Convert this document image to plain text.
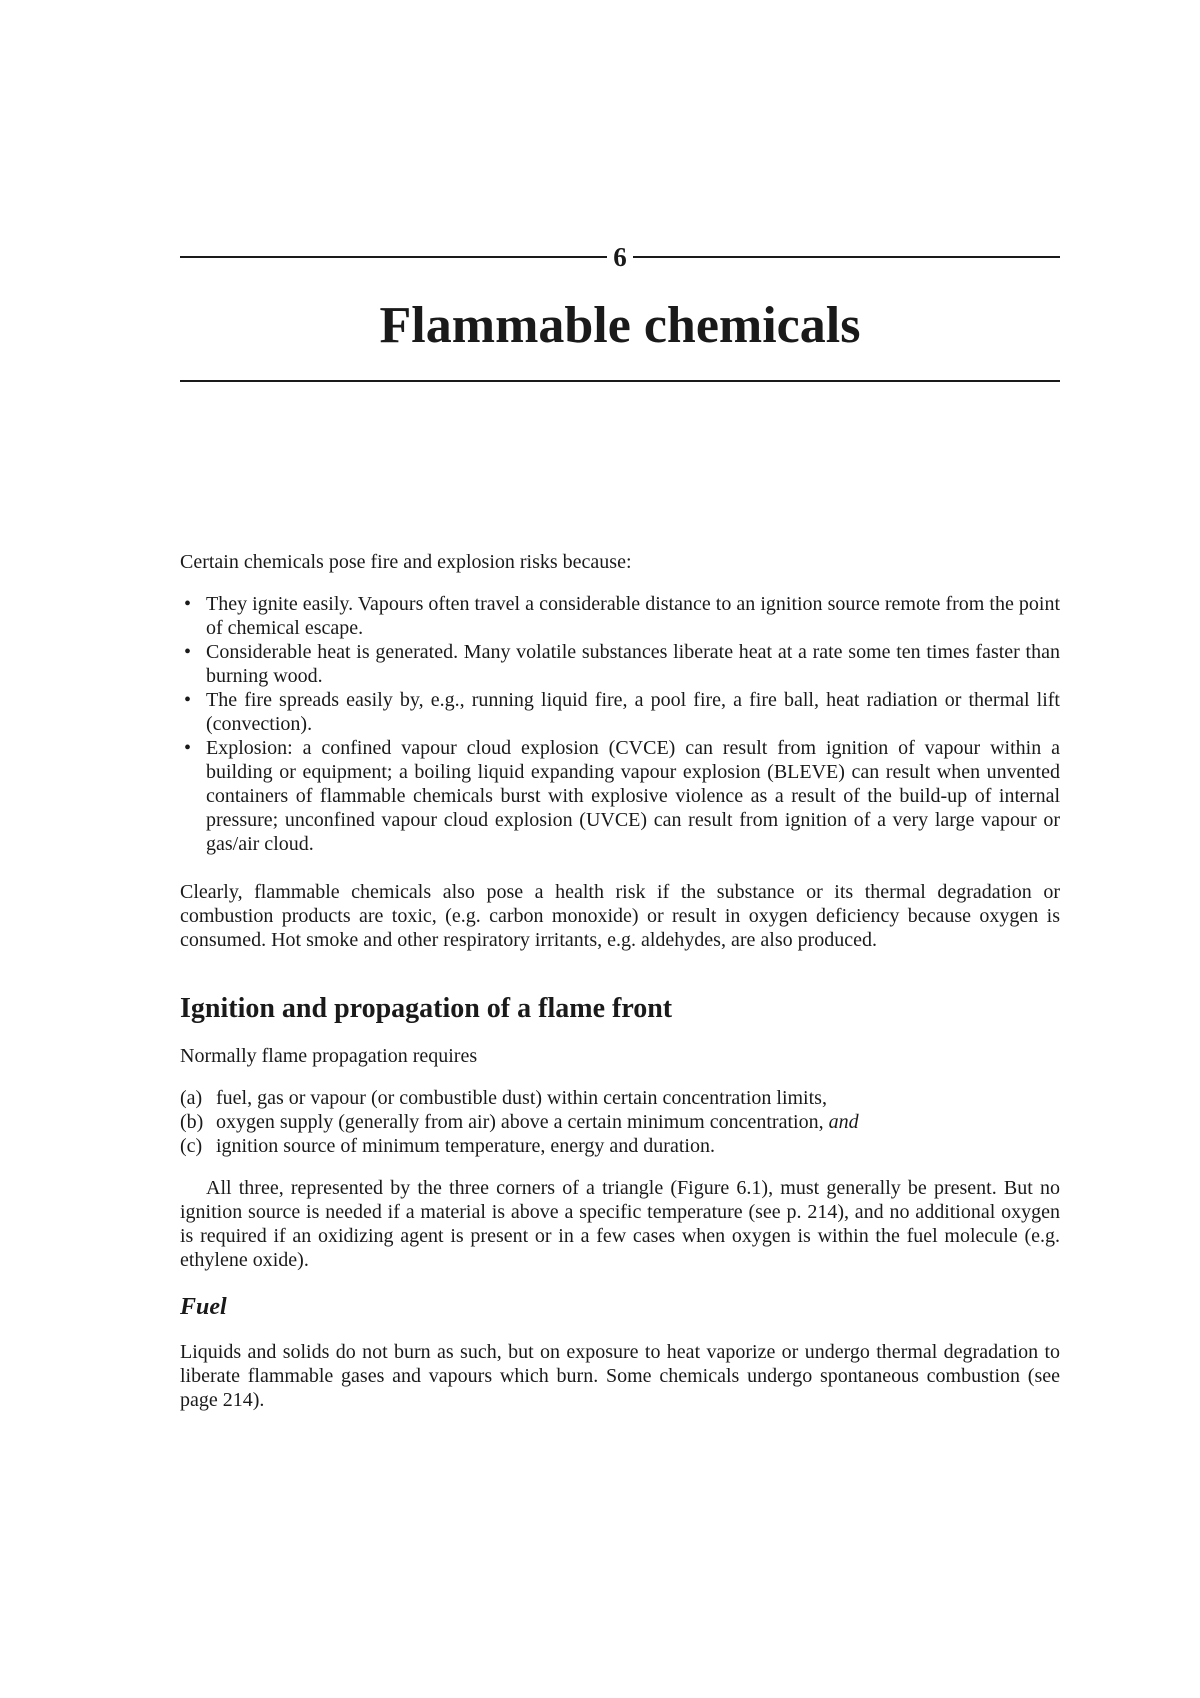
6
Flammable chemicals

Certain chemicals pose fire and explosion risks because:

• They ignite easily. Vapours often travel a considerable distance to an ignition source remote from the point of chemical escape.
• Considerable heat is generated. Many volatile substances liberate heat at a rate some ten times faster than burning wood.
• The fire spreads easily by, e.g., running liquid fire, a pool fire, a fire ball, heat radiation or thermal lift (convection).
• Explosion: a confined vapour cloud explosion (CVCE) can result from ignition of vapour within a building or equipment; a boiling liquid expanding vapour explosion (BLEVE) can result when unvented containers of flammable chemicals burst with explosive violence as a result of the build-up of internal pressure; unconfined vapour cloud explosion (UVCE) can result from ignition of a very large vapour or gas/air cloud.

Clearly, flammable chemicals also pose a health risk if the substance or its thermal degradation or combustion products are toxic, (e.g. carbon monoxide) or result in oxygen deficiency because oxygen is consumed. Hot smoke and other respiratory irritants, e.g. aldehydes, are also produced.

Ignition and propagation of a flame front

Normally flame propagation requires

(a) fuel, gas or vapour (or combustible dust) within certain concentration limits,
(b) oxygen supply (generally from air) above a certain minimum concentration, and
(c) ignition source of minimum temperature, energy and duration.

All three, represented by the three corners of a triangle (Figure 6.1), must generally be present. But no ignition source is needed if a material is above a specific temperature (see p. 214), and no additional oxygen is required if an oxidizing agent is present or in a few cases when oxygen is within the fuel molecule (e.g. ethylene oxide).

Fuel

Liquids and solids do not burn as such, but on exposure to heat vaporize or undergo thermal degradation to liberate flammable gases and vapours which burn. Some chemicals undergo spontaneous combustion (see page 214).
